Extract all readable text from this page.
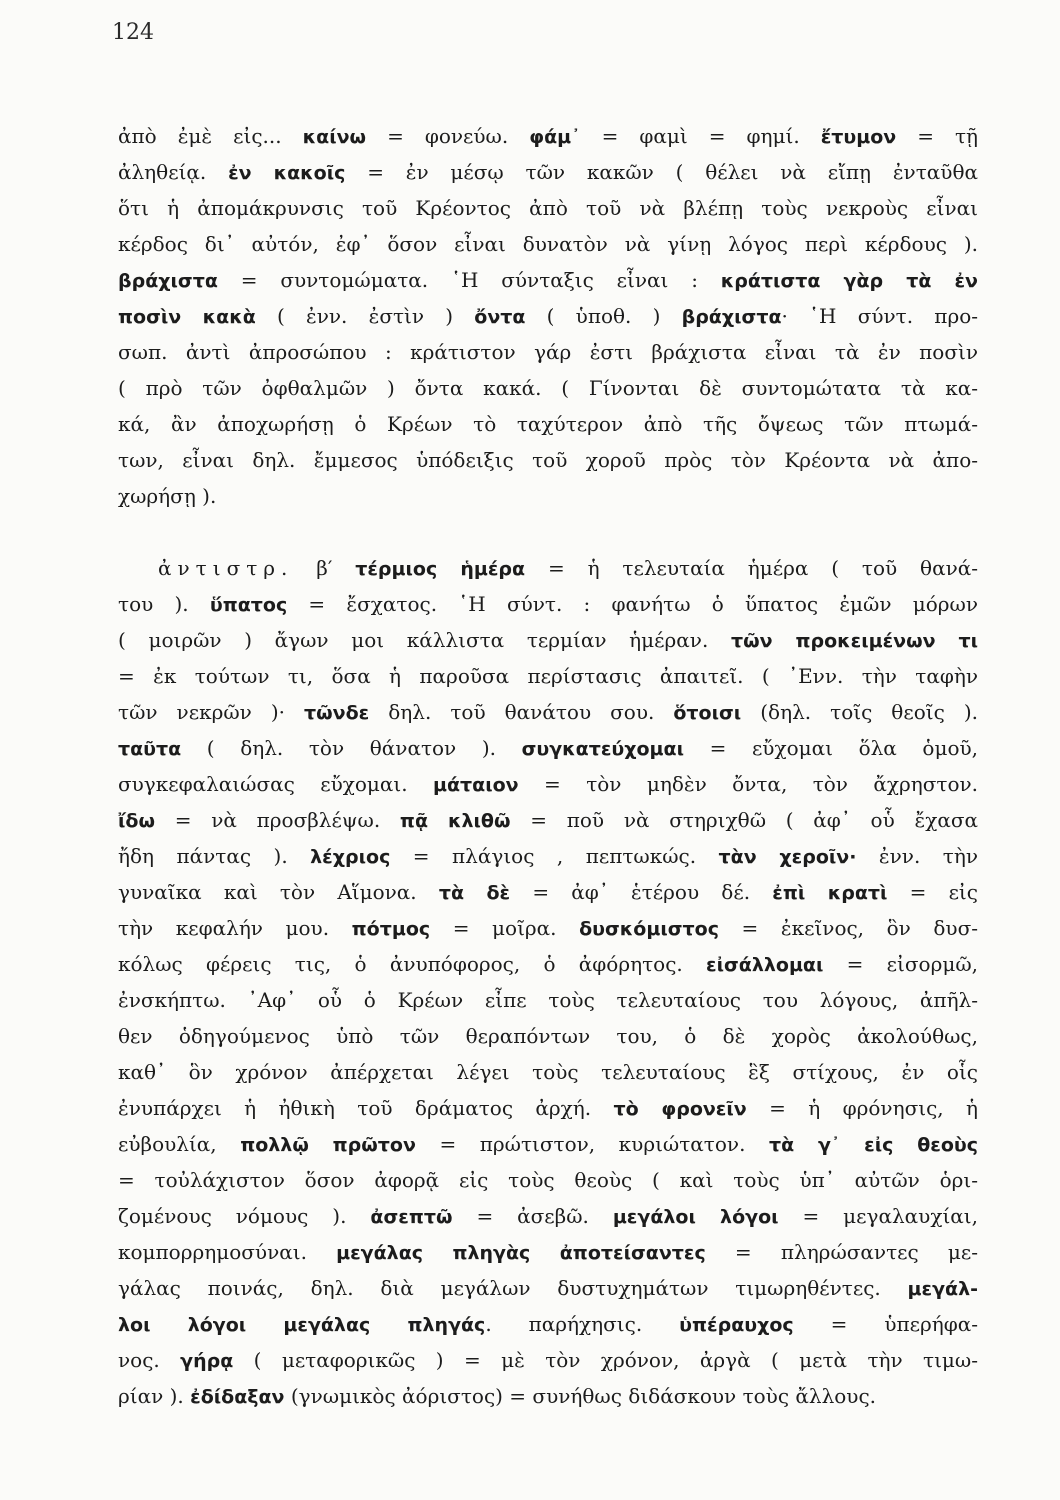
124
ἀπὸ ἐμὲ εἰς... καίνω = φονεύω. φάμ᾽ = φαμὶ = φημί. ἔτυμον = τῇ
ἀληθείᾳ. ἐν κακοῖς = ἐν μέσῳ τῶν κακῶν ( θέλει νὰ εἴπῃ ἐνταῦθα
ὅτι ἡ ἀπομάκρυνσις τοῦ Κρέοντος ἀπὸ τοῦ νὰ βλέπῃ τοὺς νεκροὺς εἶναι
κέρδος δι᾽ αὐτόν, ἐφ᾽ ὅσον εἶναι δυνατὸν νὰ γίνῃ λόγος περὶ κέρδους ).
βράχιστα = συντομώματα. ῾Η σύνταξις εἶναι : κράτιστα γὰρ τὰ ἐν
ποσὶν κακὰ ( ἐνν. ἐστὶν ) ὄντα ( ὑποθ. ) βράχιστα· ῾Η σύντ. προ-
σωπ. ἀντὶ ἀπροσώπου : κράτιστον γάρ ἐστι βράχιστα εἶναι τὰ ἐν ποσὶν
( πρὸ τῶν ὀφθαλμῶν ) ὄντα κακά. ( Γίνονται δὲ συντομώτατα τὰ κα-
κά, ἂν ἀποχωρήσῃ ὁ Κρέων τὸ ταχύτερον ἀπὸ τῆς ὄψεως τῶν πτωμά-
των, εἶναι δηλ. ἔμμεσος ὑπόδειξις τοῦ χοροῦ πρὸς τὸν Κρέοντα νὰ ἀπο-
χωρήσῃ ).
ἀντιστρ. β′ τέρμιος ἡμέρα = ἡ τελευταία ἡμέρα ( τοῦ θανά-
του ). ὕπατος = ἔσχατος. ῾Η σύντ. : φανήτω ὁ ὕπατος ἐμῶν μόρων
( μοιρῶν ) ἄγων μοι κάλλιστα τερμίαν ἡμέραν. τῶν προκειμένων τι
= ἐκ τούτων τι, ὅσα ἡ παροῦσα περίστασις ἀπαιτεῖ. ( ᾿Ενν. τὴν ταφὴν
τῶν νεκρῶν )· τῶνδε δηλ. τοῦ θανάτου σου. ὅτοισι (δηλ. τοῖς θεοῖς ).
ταῦτα ( δηλ. τὸν θάνατον ). συγκατεύχομαι = εὔχομαι ὅλα ὁμοῦ,
συγκεφαλαιώσας εὔχομαι. μάταιον = τὸν μηδὲν ὄντα, τὸν ἄχρηστον.
ἴδω = νὰ προσβλέψω. πᾷ κλιθῶ = ποῦ νὰ στηριχθῶ ( ἀφ᾽ οὗ ἔχασα
ἤδη πάντας ). λέχριος = πλάγιος , πεπτωκώς. τὰν χεροῖν· ἐνν. τὴν
γυναῖκα καὶ τὸν Αἵμονα. τὰ δὲ = ἀφ᾽ ἑτέρου δέ. ἐπὶ κρατὶ = εἰς
τὴν κεφαλήν μου. πότμος = μοῖρα. δυσκόμιστος = ἐκεῖνος, ὃν δυσ-
κόλως φέρεις τις, ὁ ἀνυπόφορος, ὁ ἀφόρητος. εἰσάλλομαι = εἰσορμῶ,
ἐνσκήπτω. ᾿Αφ᾽ οὗ ὁ Κρέων εἶπε τοὺς τελευταίους του λόγους, ἀπῆλ-
θεν ὁδηγούμενος ὑπὸ τῶν θεραπόντων του, ὁ δὲ χορὸς ἀκολούθως,
καθ᾽ ὃν χρόνον ἀπέρχεται λέγει τοὺς τελευταίους ἓξ στίχους, ἐν οἷς
ἐνυπάρχει ἡ ἠθικὴ τοῦ δράματος ἀρχή. τὸ φρονεῖν = ἡ φρόνησις, ἡ
εὐβουλία, πολλῷ πρῶτον = πρώτιστον, κυριώτατον. τὰ γ᾽ εἰς θεοὺς
= τοὐλάχιστον ὅσον ἀφορᾷ εἰς τοὺς θεοὺς ( καὶ τοὺς ὑπ᾽ αὐτῶν ὁρι-
ζομένους νόμους ). ἀσεπτῶ = ἀσεβῶ. μεγάλοι λόγοι = μεγαλαυχίαι,
κομπορρημοσύναι. μεγάλας πληγὰς ἀποτείσαντες = πληρώσαντες με-
γάλας ποινάς, δηλ. διὰ μεγάλων δυστυχημάτων τιμωρηθέντες. μεγάλ-
λοι λόγοι μεγάλας πληγάς. παρήχησις. ὑπέραυχος = ὑπερήφα-
νος. γήρᾳ ( μεταφορικῶς ) = μὲ τὸν χρόνον, ἀργὰ ( μετὰ τὴν τιμω-
ρίαν ). ἐδίδαξαν (γνωμικὸς ἀόριστος) = συνήθως διδάσκουν τοὺς ἄλλους.
